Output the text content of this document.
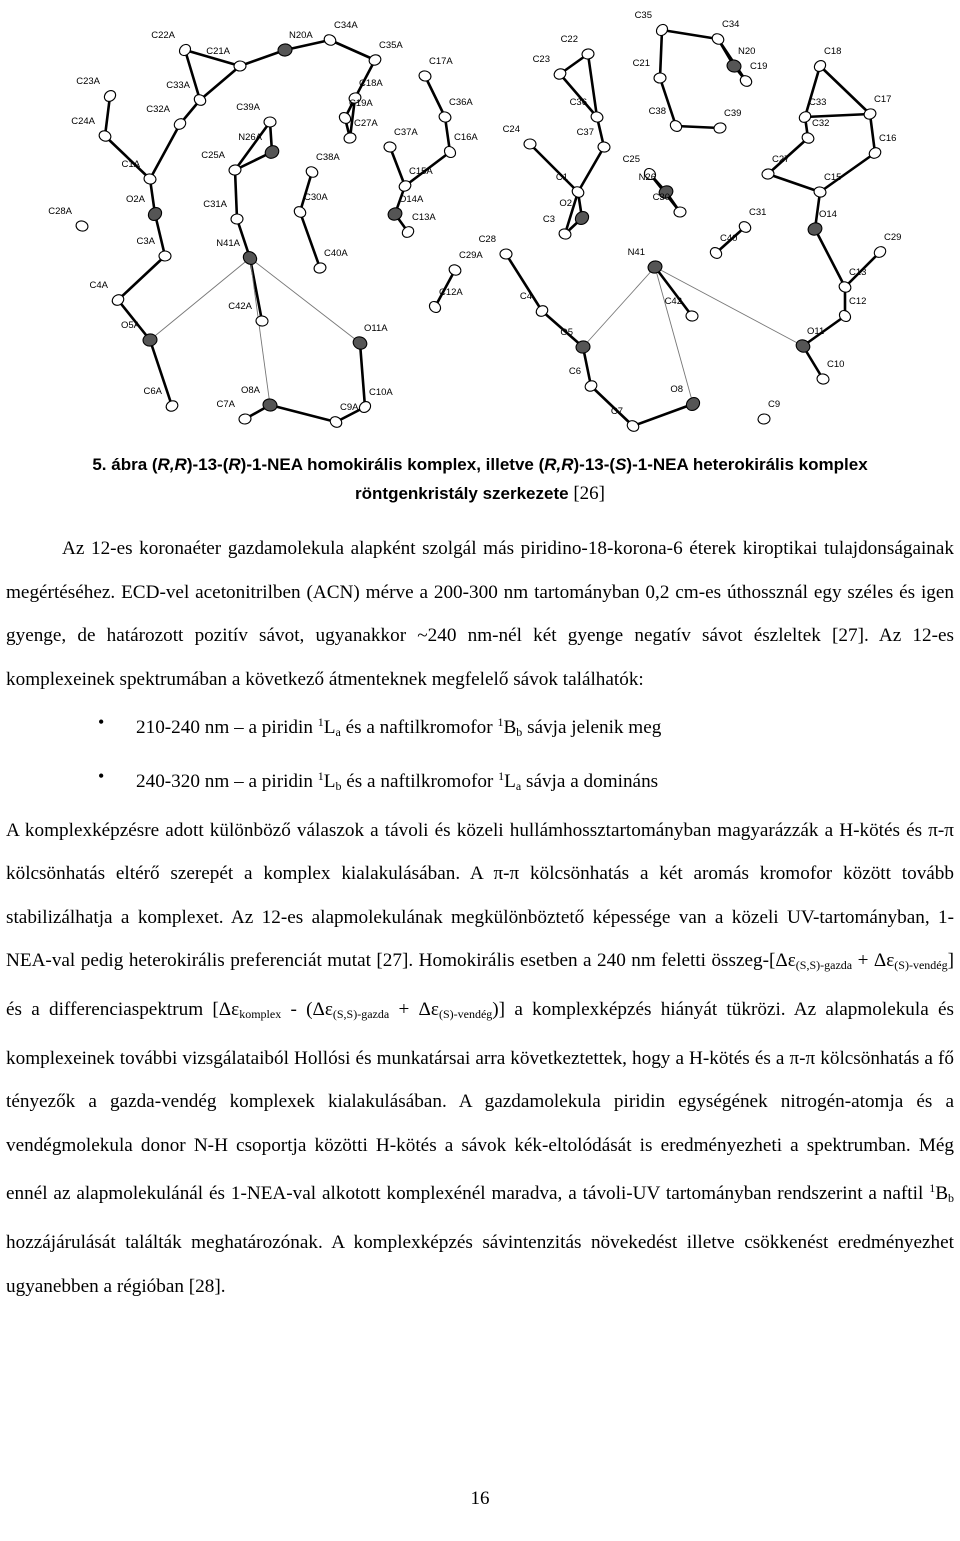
C22A	N20A
C34A
C35A
C17A
C23A
C21A
C33A	C18A
C36A
C32A	C39A	C19A
C27A
C24A
N26A	C37A	C16A
C25A	C38A
C15A
C1A
O2A	C31A
C30A	O14A
C28A
C13A
C3A	N41A
C40A	C29A
C4A
C42A
C12A
O5A	O11A
C6A	O8A	C10A
C7A	C9A
C35
C22
C34
C23
N20	C18
C21	C19
C17
C36	C33
C24
C38	C39
C32
C16
C37
C25	C27
C1	N26	C15
O2
C30
C31	O14
C3
C29
C28	C40
N41
C13
C4	C42	C12
O5	O11
C6
C10
O8
C9
C7
5. ábra (R,R)-13-(R)-1-NEA homokirális komplex, illetve (R,R)-13-(S)-1-NEA heterokirális komplex
röntgenkristály szerkezete [26]

Az 12-es koronaéter gazdamolekula alapként szolgál más piridino-18-korona-6 éterek kiroptikai tulajdonságainak megértéséhez. ECD-vel acetonitrilben (ACN) mérve a 200-300 nm tartományban 0,2 cm-es úthossznál egy széles és igen gyenge, de határozott pozitív sávot, ugyanakkor ~240 nm-nél két gyenge negatív sávot észleltek [27]. Az 12-es komplexeinek spektrumában a következő átmenteknek megfelelő sávok találhatók:

• 210-240 nm – a piridin $^1L_a$ és a naftilkromofor $^1B_b$ sávja jelenik meg
• 240-320 nm – a piridin $^1L_b$ és a naftilkromofor $^1L_a$ sávja a domináns

A komplexképzésre adott különböző válaszok a távoli és közeli hullámhossztartományban magyarázzák a H-kötés és π-π kölcsönhatás eltérő szerepét a komplex kialakulásában. A π-π kölcsönhatás a két aromás kromofor között tovább stabilizálhatja a komplexet. Az 12-es alapmolekulának megkülönböztető képessége van a közeli UV-tartományban, 1-NEA-val pedig heterokirális preferenciát mutat [27]. Homokirális esetben a 240 nm feletti összeg-$[\Delta\varepsilon_{(S,S)-gazda} + \Delta\varepsilon_{(S)-vendég}]$ és a differenciaspektrum $[\Delta\varepsilon_{komplex} - (\Delta\varepsilon_{(S,S)-gazda} + \Delta\varepsilon_{(S)-vendég})]$ a komplexképzés hiányát tükrözi. Az alapmolekula és komplexeinek további vizsgálataiból Hollósi és munkatársai arra következtettek, hogy a H-kötés és a π-π kölcsönhatás a fő tényezők a gazda-vendég komplexek kialakulásában. A gazdamolekula piridin egységének nitrogén-atomja és a vendégmolekula donor N-H csoportja közötti H-kötés a sávok kék-eltolódását is eredményezheti a spektrumban. Még ennél az alapmolekulánál és 1-NEA-val alkotott komplexénél maradva, a távoli-UV tartományban rendszerint a naftil $^1B_b$ hozzájárulását találták meghatározónak. A komplexképzés sávintenzitás növekedést illetve csökkenést eredményezhet ugyanebben a régióban [28].

16
